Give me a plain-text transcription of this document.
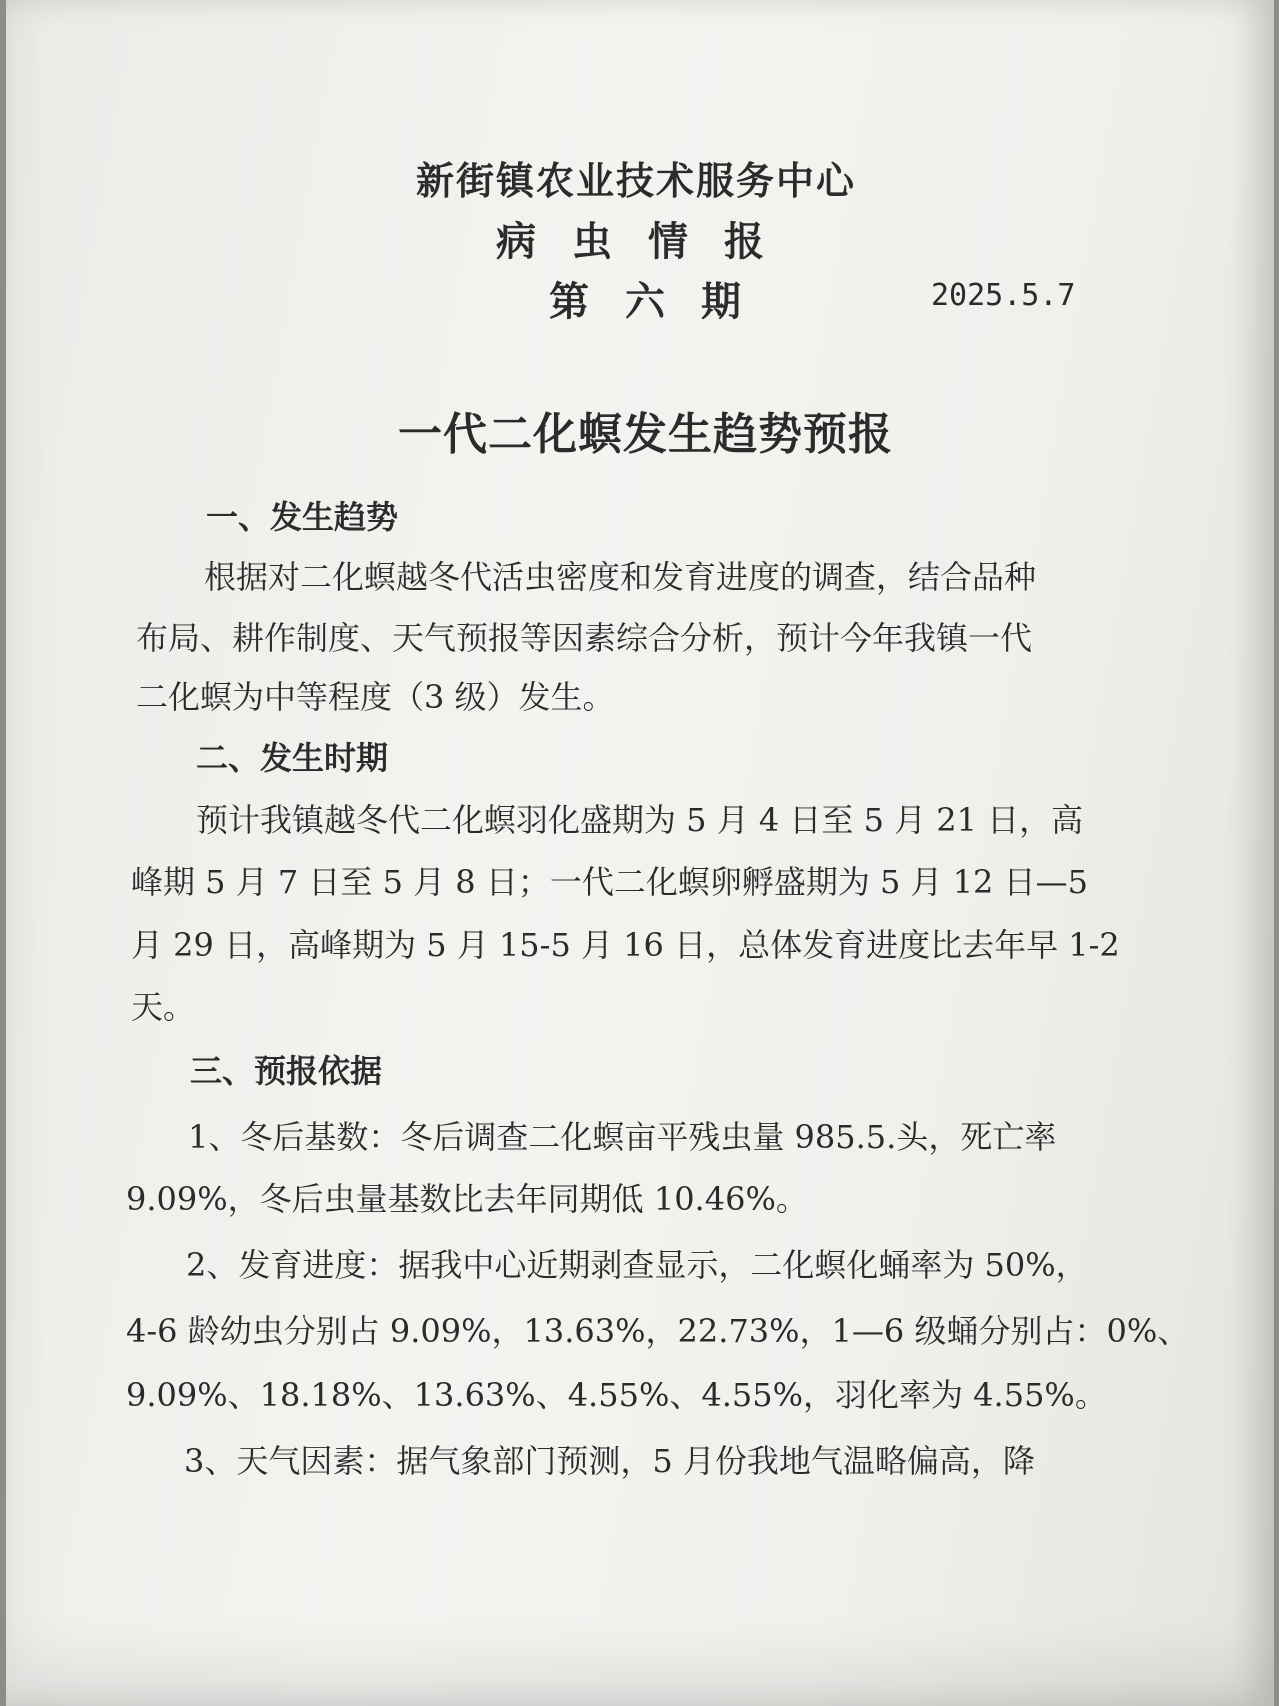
新街镇农业技术服务中心
病虫情报
第六期	2025.5.7
一代二化螟发生趋势预报
一、发生趋势
根据对二化螟越冬代活虫密度和发育进度的调查，结合品种
布局、耕作制度、天气预报等因素综合分析，预计今年我镇一代
二化螟为中等程度（3 级）发生。
二、发生时期
预计我镇越冬代二化螟羽化盛期为 5 月 4 日至 5 月 21 日，高
峰期 5 月 7 日至 5 月 8 日；一代二化螟卵孵盛期为 5 月 12 日—5
月 29 日，高峰期为 5 月 15-5 月 16 日，总体发育进度比去年早 1-2
天。
三、预报依据
1、冬后基数：冬后调查二化螟亩平残虫量 985.5.头，死亡率
9.09%，冬后虫量基数比去年同期低 10.46%。
2、发育进度：据我中心近期剥查显示，二化螟化蛹率为 50%，
4-6 龄幼虫分别占 9.09%，13.63%，22.73%，1—6 级蛹分别占：0%、
9.09%、18.18%、13.63%、4.55%、4.55%，羽化率为 4.55%。
3、天气因素：据气象部门预测，5 月份我地气温略偏高，降
